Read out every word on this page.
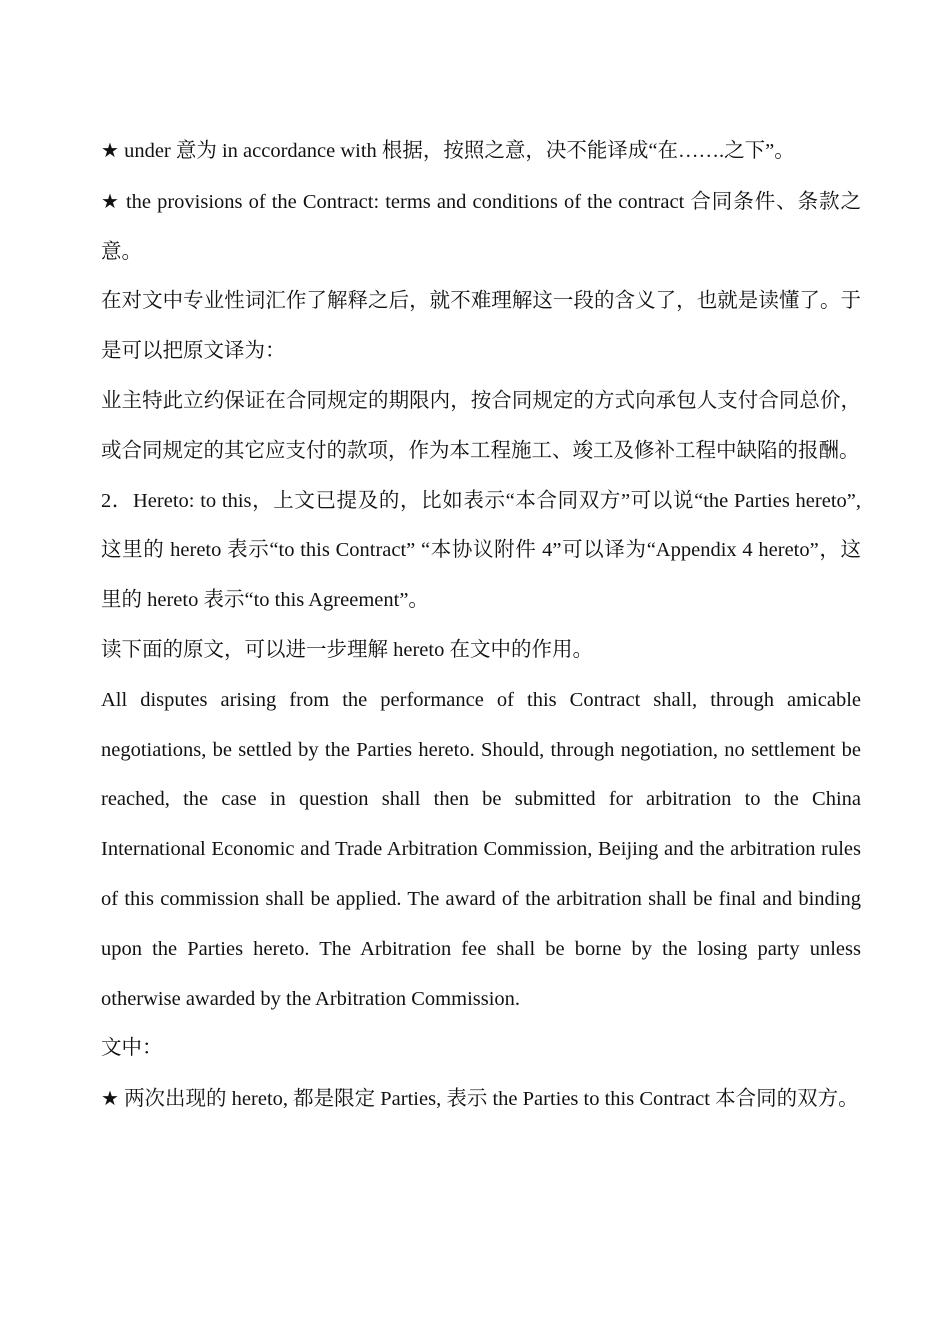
★ under 意为 in accordance with 根据，按照之意，决不能译成“在…….之下”。

★ the provisions of the Contract: terms and conditions of the contract 合同条件、条款之意。

在对文中专业性词汇作了解释之后，就不难理解这一段的含义了，也就是读懂了。于是可以把原文译为：

业主特此立约保证在合同规定的期限内，按合同规定的方式向承包人支付合同总价，或合同规定的其它应支付的款项，作为本工程施工、竣工及修补工程中缺陷的报酬。

2．Hereto: to this，上文已提及的，比如表示“本合同双方”可以说“the Parties hereto”,这里的 hereto 表示“to this Contract” “本协议附件 4”可以译为“Appendix 4 hereto”，这里的 hereto 表示“to this Agreement”。

读下面的原文，可以进一步理解 hereto 在文中的作用。

All disputes arising from the performance of this Contract shall, through amicable negotiations, be settled by the Parties hereto. Should, through negotiation, no settlement be reached, the case in question shall then be submitted for arbitration to the China International Economic and Trade Arbitration Commission, Beijing and the arbitration rules of this commission shall be applied. The award of the arbitration shall be final and binding upon the Parties hereto. The Arbitration fee shall be borne by the losing party unless otherwise awarded by the Arbitration Commission.

文中：

★ 两次出现的 hereto, 都是限定 Parties, 表示 the Parties to this Contract 本合同的双方。
